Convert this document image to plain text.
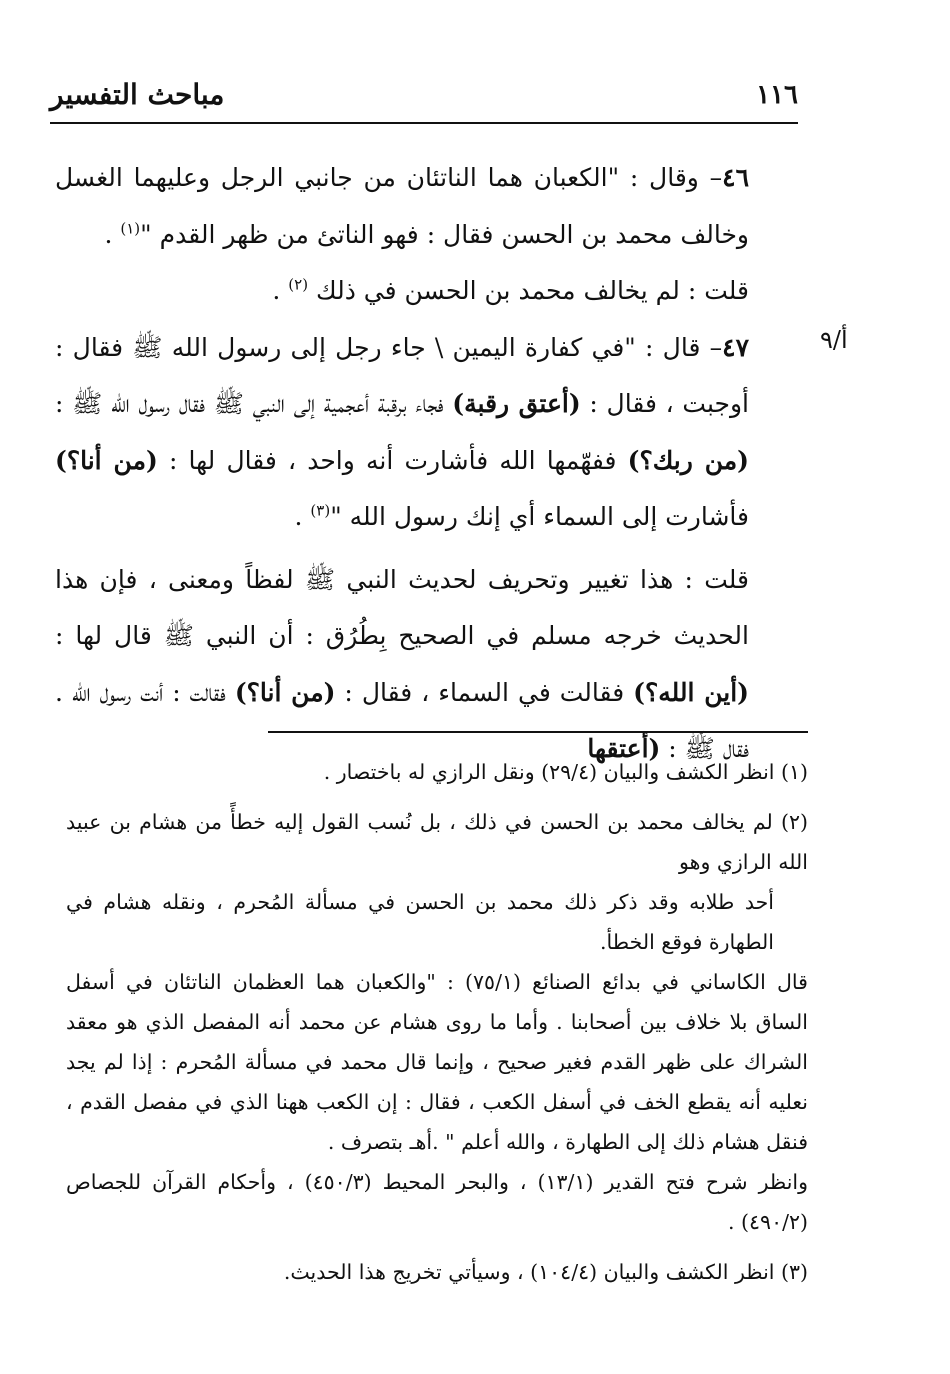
١١٦
مباحث التفسير
أ/٩

٤٦– وقال : "الكعبان هما الناتئان من جانبي الرجل وعليهما الغسل وخالف محمد بن الحسن فقال : فهو الناتئ من ظهر القدم "$^{(١)}$ .

قلت : لم يخالف محمد بن الحسن في ذلك $^{(٢)}$ .

٤٧– قال : "في كفارة اليمين \ جاء رجل إلى رسول الله ﷺ فقال : أوجبت ، فقال : (أعتق رقبة) فجاء برقبة أعجمية إلى النبي ﷺ فقال رسول الله ﷺ : (من ربك؟) ففهّمها الله فأشارت أنه واحد ، فقال لها : (من أنا؟) فأشارت إلى السماء أي إنك رسول الله "$^{(٣)}$ .

قلت : هذا تغيير وتحريف لحديث النبي ﷺ لفظاً ومعنى ، فإن هذا الحديث خرجه مسلم في الصحيح بِطُرُق : أن النبي ﷺ قال لها : (أين الله؟) فقالت في السماء ، فقال : (من أنا؟) فقالت : أنت رسول الله . فقال ﷺ : (أعتقها

(١) انظر الكشف والبيان (٢٩/٤) ونقل الرازي له باختصار .

(٢) لم يخالف محمد بن الحسن في ذلك ، بل نُسب القول إليه خطأً من هشام بن عبيد الله الرازي وهو

أحد طلابه وقد ذكر ذلك محمد بن الحسن في مسألة المُحرم ، ونقله هشام في الطهارة فوقع الخطأ.

قال الكاساني في بدائع الصنائع (٧٥/١) : "والكعبان هما العظمان الناتئان في أسفل الساق بلا خلاف بين أصحابنا . وأما ما روى هشام عن محمد أنه المفصل الذي هو معقد الشراك على ظهر القدم فغير صحيح ، وإنما قال محمد في مسألة المُحرم : إذا لم يجد نعليه أنه يقطع الخف في أسفل الكعب ، فقال : إن الكعب ههنا الذي في مفصل القدم ، فنقل هشام ذلك إلى الطهارة ، والله أعلم " .أهـ بتصرف .

وانظر شرح فتح القدير (١٣/١) ، والبحر المحيط (٤٥٠/٣) ، وأحكام القرآن للجصاص (٤٩٠/٢) .

(٣) انظر الكشف والبيان (١٠٤/٤) ، وسيأتي تخريج هذا الحديث.
